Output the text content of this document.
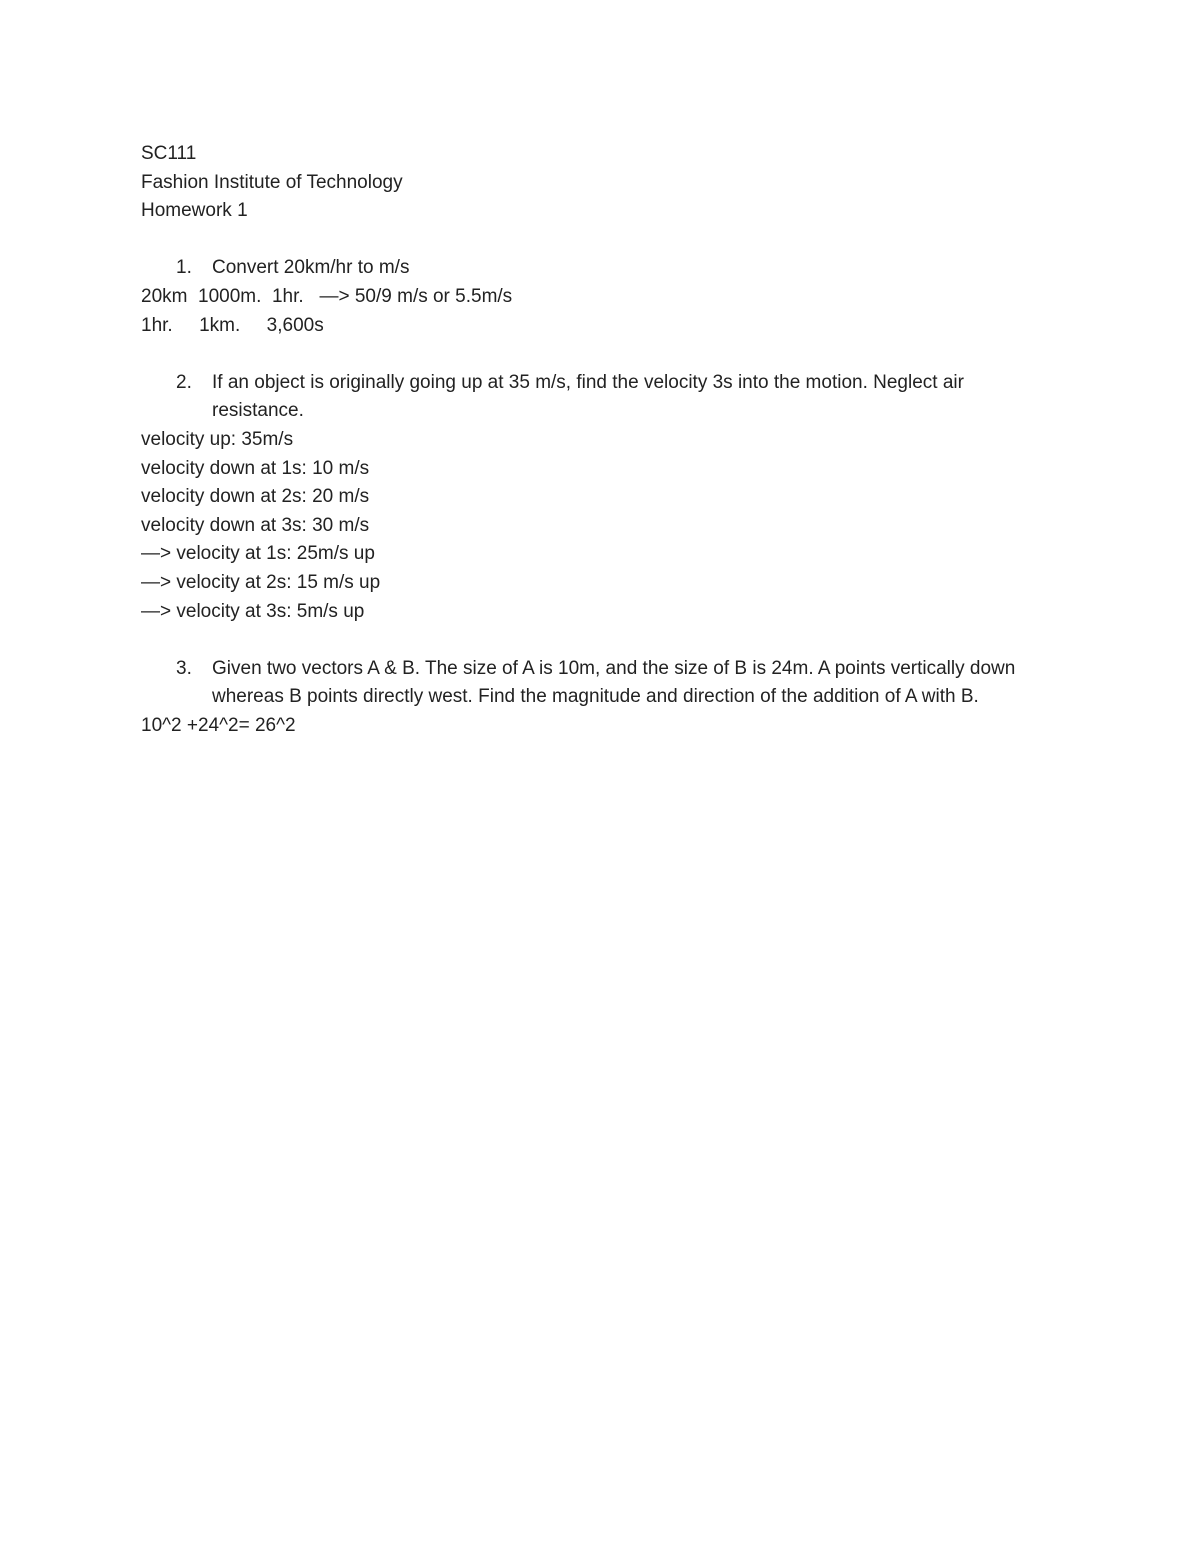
SC111
Fashion Institute of Technology
Homework 1
1. Convert 20km/hr to m/s
20km  1000m.  1hr.   —> 50/9 m/s or 5.5m/s
1hr.     1km.     3,600s
2. If an object is originally going up at 35 m/s, find the velocity 3s into the motion. Neglect air resistance.
velocity up: 35m/s
velocity down at 1s: 10 m/s
velocity down at 2s: 20 m/s
velocity down at 3s: 30 m/s
—> velocity at 1s: 25m/s up
—> velocity at 2s: 15 m/s up
—> velocity at 3s: 5m/s up
3. Given two vectors A & B. The size of A is 10m, and the size of B is 24m. A points vertically down whereas B points directly west. Find the magnitude and direction of the addition of A with B.
10^2 +24^2= 26^2
